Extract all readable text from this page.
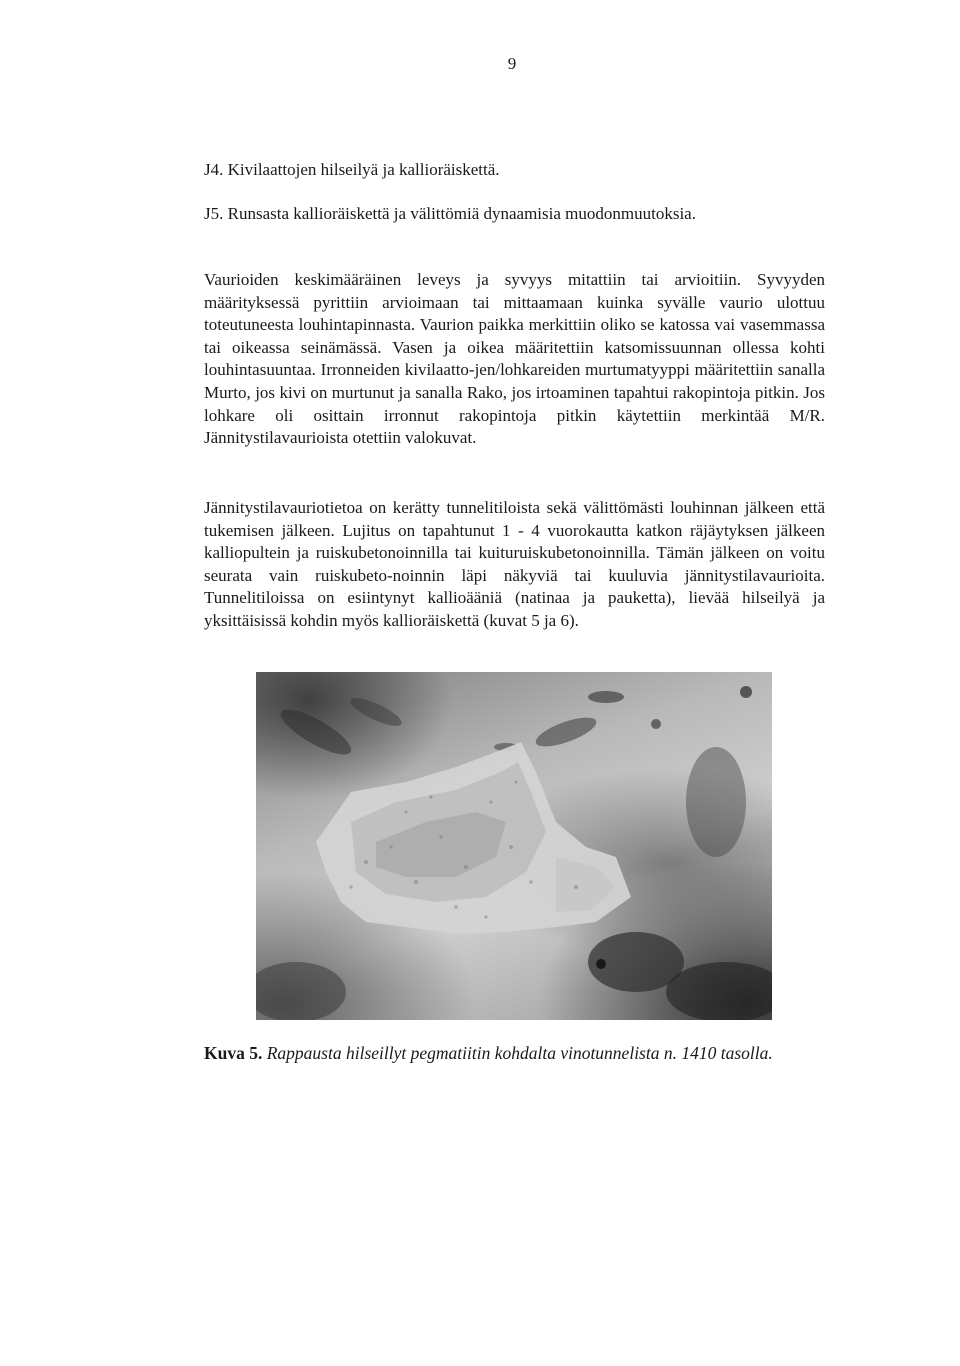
9
J4. Kivilaattojen hilseilyä ja kallioräiskettä.
J5. Runsasta kallioräiskettä ja välittömiä dynaamisia muodonmuutoksia.

Vaurioiden keskimääräinen leveys ja syvyys mitattiin tai arvioitiin. Syvyyden määrityksessä pyrittiin arvioimaan tai mittaamaan kuinka syvälle vaurio ulottuu toteutuneesta louhintapinnasta. Vaurion paikka merkittiin oliko se katossa vai vasemmassa tai oikeassa seinämässä. Vasen ja oikea määritettiin katsomissuunnan ollessa kohti louhintasuuntaa. Irronneiden kivilaatto-jen/lohkareiden murtumatyyppi määritettiin sanalla Murto, jos kivi on murtunut ja sanalla Rako, jos irtoaminen tapahtui rakopintoja pitkin. Jos lohkare oli osittain irronnut rakopintoja pitkin käytettiin merkintää M/R. Jännitystilavaurioista otettiin valokuvat.

Jännitystilavauriotietoa on kerätty tunnelitiloista sekä välittömästi louhinnan jälkeen että tukemisen jälkeen. Lujitus on tapahtunut 1 - 4 vuorokautta katkon räjäytyksen jälkeen kalliopultein ja ruiskubetonoinnilla tai kuituruiskubetonoinnilla. Tämän jälkeen on voitu seurata vain ruiskubeto-noinnin läpi näkyviä tai kuuluvia jännitystilavaurioita. Tunnelitiloissa on esiintynyt kallioääniä (natinaa ja pauketta), lievää hilseilyä ja yksittäisissä kohdin myös kallioräiskettä (kuvat 5 ja 6).

Kuva 5. Rappausta hilseillyt pegmatiitin kohdalta vinotunnelista n. 1410 tasolla.
